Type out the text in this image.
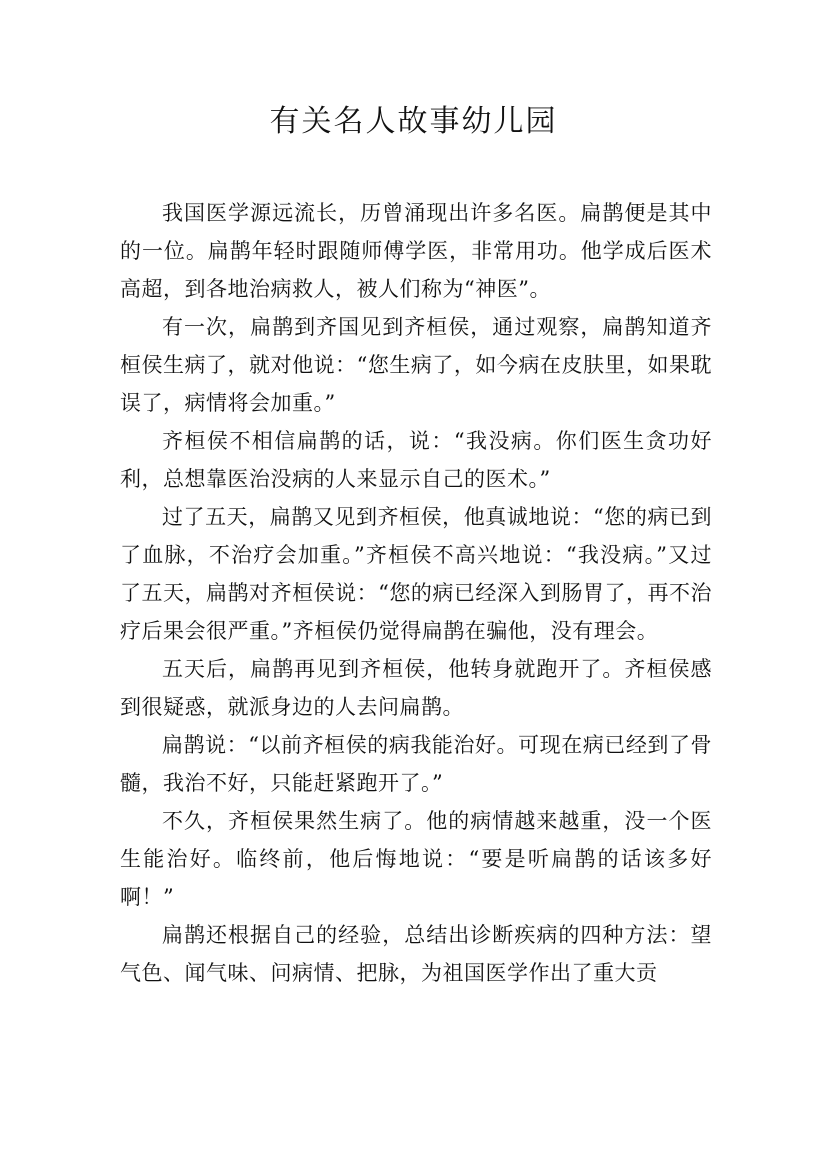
有关名人故事幼儿园

我国医学源远流长，历曾涌现出许多名医。扁鹊便是其中的一位。扁鹊年轻时跟随师傅学医，非常用功。他学成后医术高超，到各地治病救人，被人们称为“神医”。

有一次，扁鹊到齐国见到齐桓侯，通过观察，扁鹊知道齐桓侯生病了，就对他说：“您生病了，如今病在皮肤里，如果耽误了，病情将会加重。”

齐桓侯不相信扁鹊的话，说：“我没病。你们医生贪功好利，总想靠医治没病的人来显示自己的医术。”

过了五天，扁鹊又见到齐桓侯，他真诚地说：“您的病已到了血脉，不治疗会加重。”齐桓侯不高兴地说：“我没病。”又过了五天，扁鹊对齐桓侯说：“您的病已经深入到肠胃了，再不治疗后果会很严重。”齐桓侯仍觉得扁鹊在骗他，没有理会。

五天后，扁鹊再见到齐桓侯，他转身就跑开了。齐桓侯感到很疑惑，就派身边的人去问扁鹊。

扁鹊说：“以前齐桓侯的病我能治好。可现在病已经到了骨髓，我治不好，只能赶紧跑开了。”

不久，齐桓侯果然生病了。他的病情越来越重，没一个医生能治好。临终前，他后悔地说：“要是听扁鹊的话该多好啊！”

扁鹊还根据自己的经验，总结出诊断疾病的四种方法：望气色、闻气味、问病情、把脉，为祖国医学作出了重大贡
